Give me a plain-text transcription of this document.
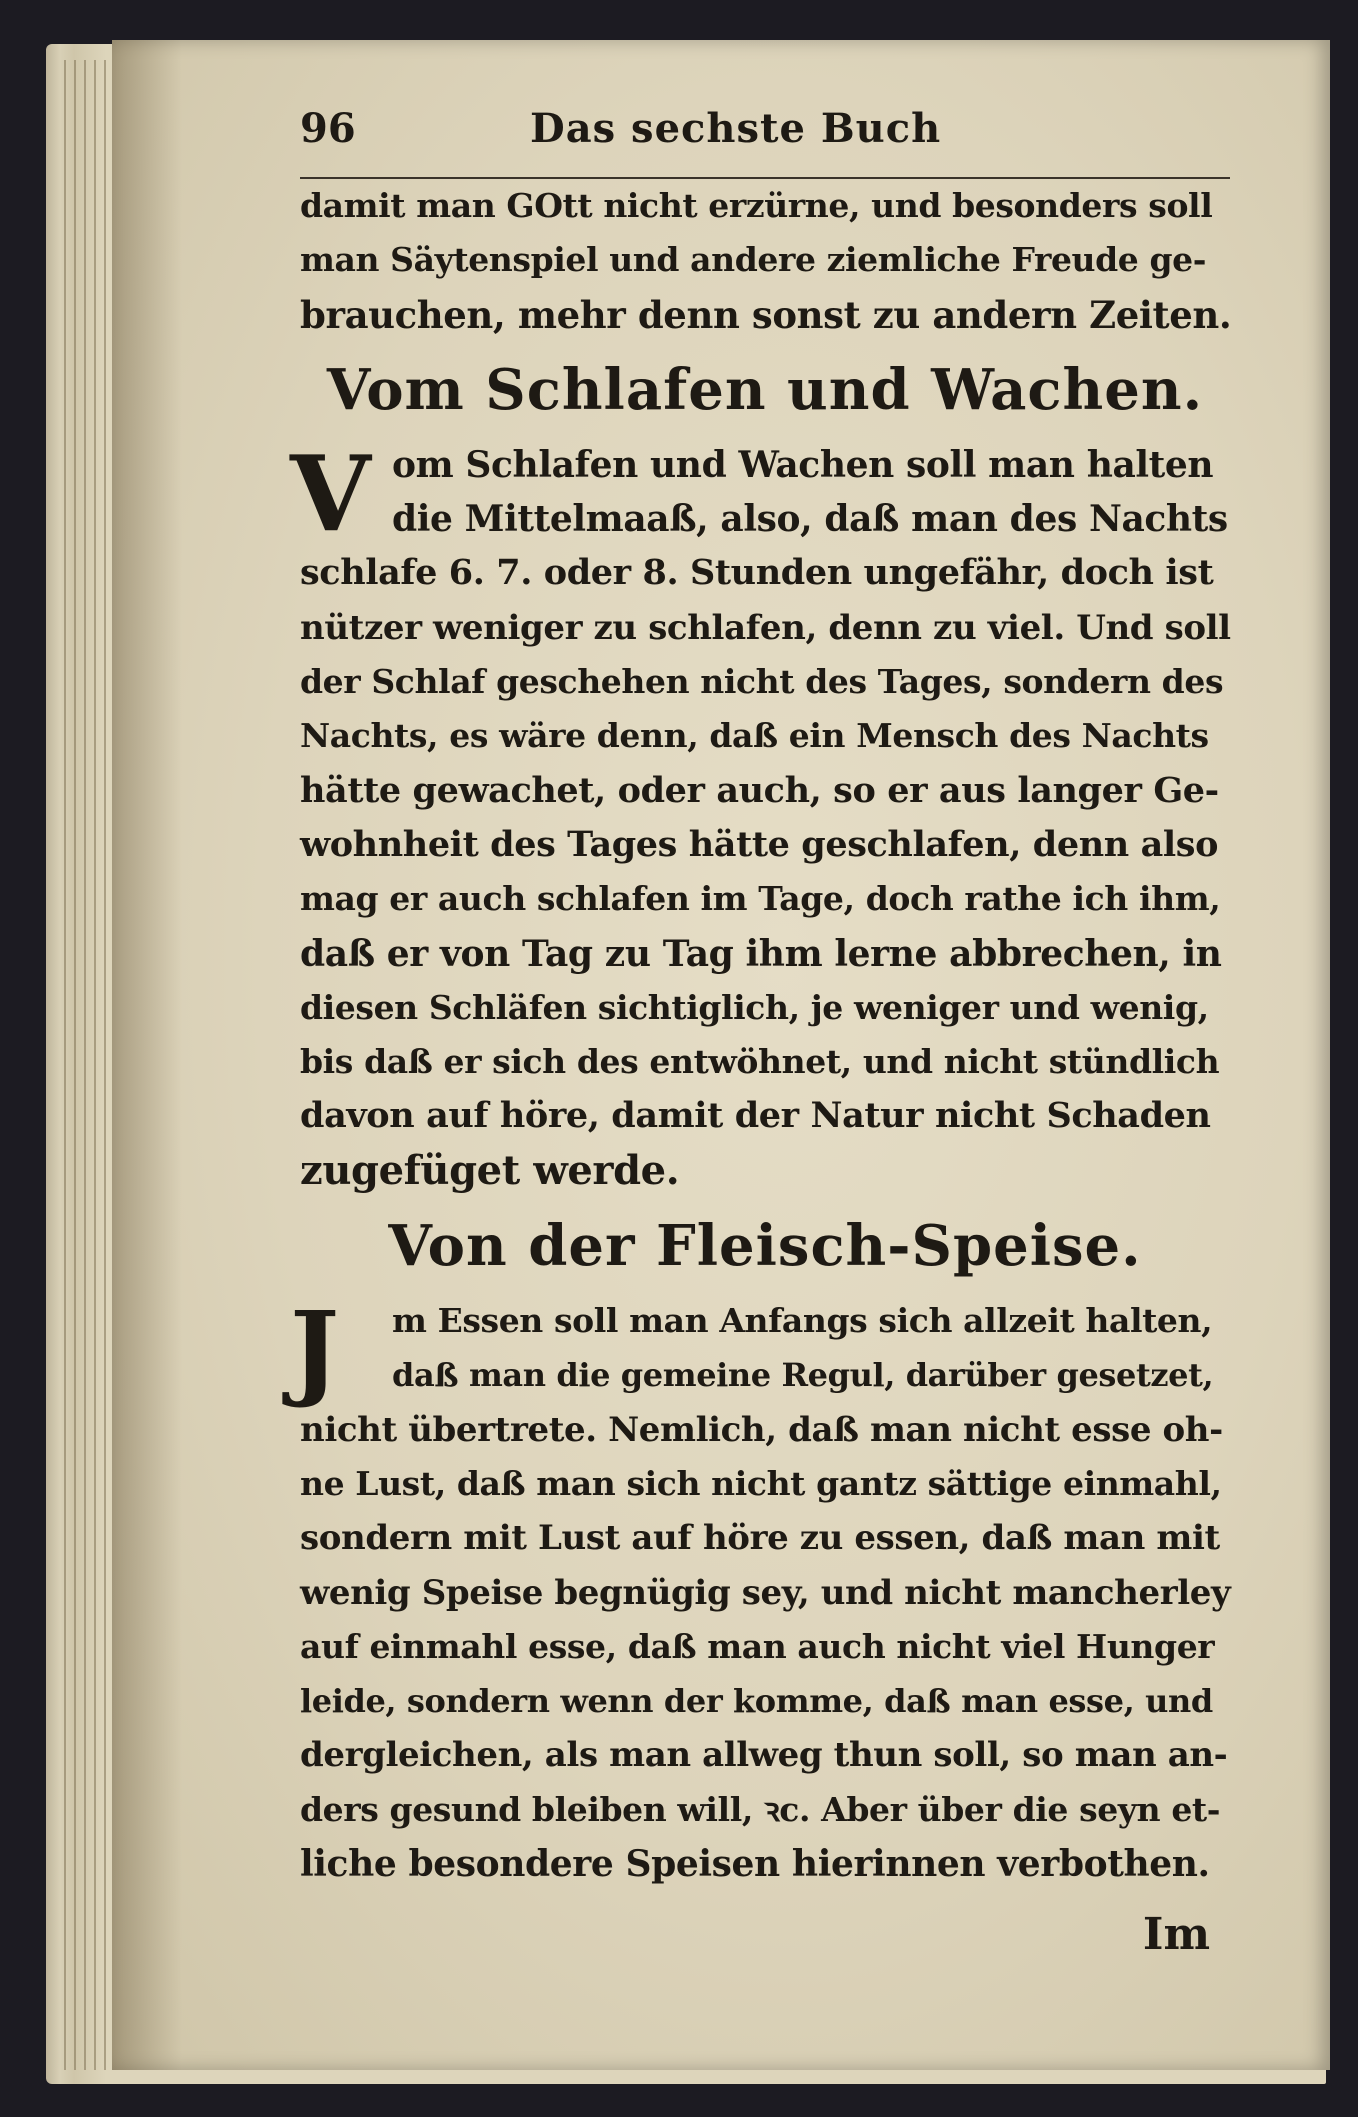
96	Das sechste Buch
damit man GOtt nicht erzürne, und besonders soll
man Säytenspiel und andere ziemliche Freude ge-
brauchen, mehr denn sonst zu andern Zeiten.
Vom Schlafen und Wachen.
V om Schlafen und Wachen soll man halten
die Mittelmaaß, also, daß man des Nachts
schlafe 6. 7. oder 8. Stunden ungefähr, doch ist
nützer weniger zu schlafen, denn zu viel. Und soll
der Schlaf geschehen nicht des Tages, sondern des
Nachts, es wäre denn, daß ein Mensch des Nachts
hätte gewachet, oder auch, so er aus langer Ge-
wohnheit des Tages hätte geschlafen, denn also
mag er auch schlafen im Tage, doch rathe ich ihm,
daß er von Tag zu Tag ihm lerne abbrechen, in
diesen Schläfen sichtiglich, je weniger und wenig,
bis daß er sich des entwöhnet, und nicht stündlich
davon auf höre, damit der Natur nicht Schaden
zugefüget werde.
Von der Fleisch-Speise.
J	m Essen soll man Anfangs sich allzeit halten,
daß man die gemeine Regul, darüber gesetzet,
nicht übertrete. Nemlich, daß man nicht esse oh-
ne Lust, daß man sich nicht gantz sättige einmahl,
sondern mit Lust auf höre zu essen, daß man mit
wenig Speise begnügig sey, und nicht mancherley
auf einmahl esse, daß man auch nicht viel Hunger
leide, sondern wenn der komme, daß man esse, und
dergleichen, als man allweg thun soll, so man an-
ders gesund bleiben will, ꝛc. Aber über die seyn et-
liche besondere Speisen hierinnen verbothen.
Im
